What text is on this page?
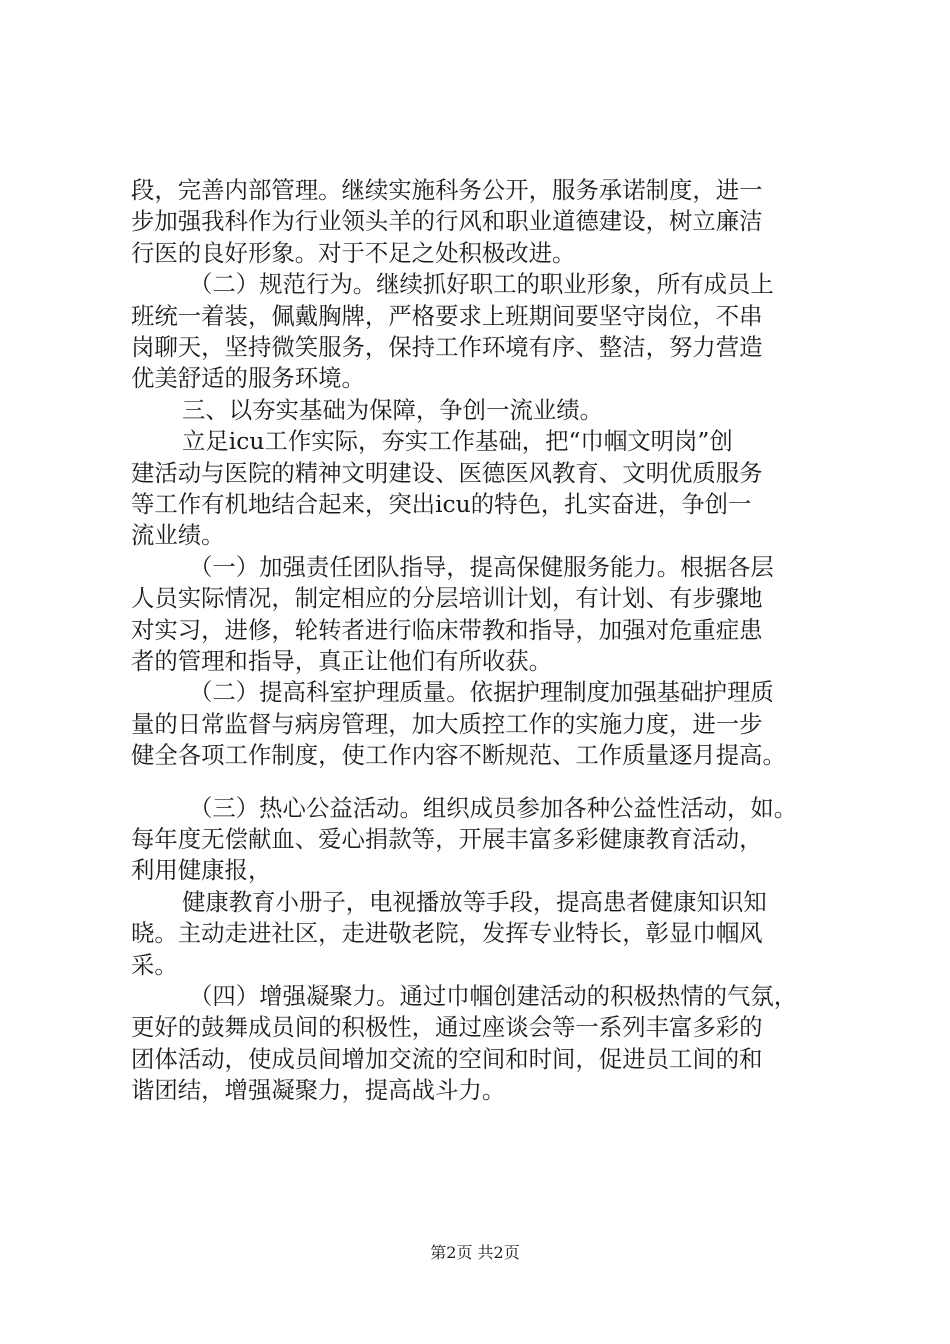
段，完善内部管理。继续实施科务公开，服务承诺制度，进一
步加强我科作为行业领头羊的行风和职业道德建设，树立廉洁
行医的良好形象。对于不足之处积极改进。
（二）规范行为。继续抓好职工的职业形象，所有成员上
班统一着装，佩戴胸牌，严格要求上班期间要坚守岗位，不串
岗聊天，坚持微笑服务，保持工作环境有序、整洁，努力营造
优美舒适的服务环境。
三、以夯实基础为保障，争创一流业绩。
立足icu工作实际，夯实工作基础，把“巾帼文明岗”创
建活动与医院的精神文明建设、医德医风教育、文明优质服务
等工作有机地结合起来，突出icu的特色，扎实奋进，争创一
流业绩。
（一）加强责任团队指导，提高保健服务能力。根据各层
人员实际情况，制定相应的分层培训计划，有计划、有步骤地
对实习，进修，轮转者进行临床带教和指导，加强对危重症患
者的管理和指导，真正让他们有所收获。
（二）提高科室护理质量。依据护理制度加强基础护理质
量的日常监督与病房管理，加大质控工作的实施力度，进一步
健全各项工作制度，使工作内容不断规范、工作质量逐月提高。
（三）热心公益活动。组织成员参加各种公益性活动，如。
每年度无偿献血、爱心捐款等，开展丰富多彩健康教育活动，
利用健康报，
健康教育小册子，电视播放等手段，提高患者健康知识知
晓。主动走进社区，走进敬老院，发挥专业特长，彰显巾帼风
采。
（四）增强凝聚力。通过巾帼创建活动的积极热情的气氛，
更好的鼓舞成员间的积极性，通过座谈会等一系列丰富多彩的
团体活动，使成员间增加交流的空间和时间，促进员工间的和
谐团结，增强凝聚力，提高战斗力。
第2页 共2页
